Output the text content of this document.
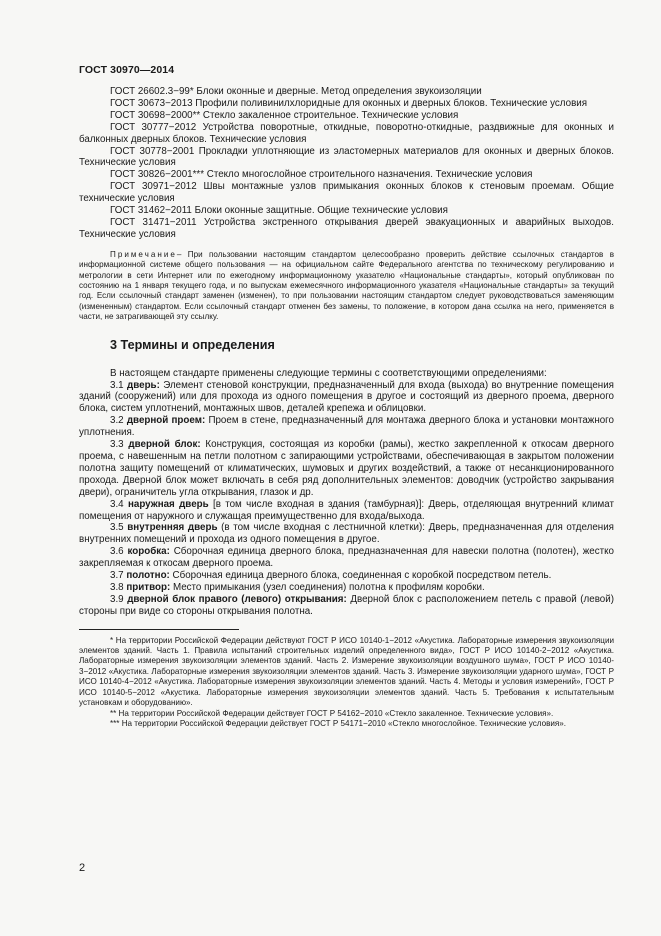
ГОСТ 30970—2014

ГОСТ 26602.3−99* Блоки оконные и дверные. Метод определения звукоизоляции

ГОСТ 30673−2013 Профили поливинилхлоридные для оконных и дверных блоков. Технические условия

ГОСТ 30698−2000** Стекло закаленное строительное. Технические условия

ГОСТ 30777−2012 Устройства поворотные, откидные, поворотно-откидные, раздвижные для оконных и балконных дверных блоков. Технические условия

ГОСТ 30778−2001 Прокладки уплотняющие из эластомерных материалов для оконных и дверных блоков. Технические условия

ГОСТ 30826−2001*** Стекло многослойное строительного назначения. Технические условия

ГОСТ 30971−2012 Швы монтажные узлов примыкания оконных блоков к стеновым проемам. Общие технические условия

ГОСТ 31462−2011 Блоки оконные защитные. Общие технические условия

ГОСТ 31471−2011 Устройства экстренного открывания дверей эвакуационных и аварийных выходов. Технические условия

Примечание– При пользовании настоящим стандартом целесообразно проверить действие ссылочных стандартов в информационной системе общего пользования — на официальном сайте Федерального агентства по техническому регулированию и метрологии в сети Интернет или по ежегодному информационному указателю «Национальные стандарты», который опубликован по состоянию на 1 января текущего года, и по выпускам ежемесячного информационного указателя «Национальные стандарты» за текущий год. Если ссылочный стандарт заменен (изменен), то при пользовании настоящим стандартом следует руководствоваться заменяющим (измененным) стандартом. Если ссылочный стандарт отменен без замены, то положение, в котором дана ссылка на него, применяется в части, не затрагивающей эту ссылку.

3 Термины и определения

В настоящем стандарте применены следующие термины с соответствующими определениями:

3.1 дверь: Элемент стеновой конструкции, предназначенный для входа (выхода) во внутренние помещения зданий (сооружений) или для прохода из одного помещения в другое и состоящий из дверного проема, дверного блока, систем уплотнений, монтажных швов, деталей крепежа и облицовки.

3.2 дверной проем: Проем в стене, предназначенный для монтажа дверного блока и установки монтажного уплотнения.

3.3 дверной блок: Конструкция, состоящая из коробки (рамы), жестко закрепленной к откосам дверного проема, с навешенным на петли полотном с запирающими устройствами, обеспечивающая в закрытом положении полотна защиту помещений от климатических, шумовых и других воздействий, а также от несанкционированного прохода. Дверной блок может включать в себя ряд дополнительных элементов: доводчик (устройство закрывания двери), ограничитель угла открывания, глазок и др.

3.4 наружная дверь [в том числе входная в здания (тамбурная)]: Дверь, отделяющая внутренний климат помещения от наружного и служащая преимущественно для входа/выхода.

3.5 внутренняя дверь (в том числе входная с лестничной клетки): Дверь, предназначенная для отделения внутренних помещений и прохода из одного помещения в другое.

3.6 коробка: Сборочная единица дверного блока, предназначенная для навески полотна (полотен), жестко закрепляемая к откосам дверного проема.

3.7 полотно: Сборочная единица дверного блока, соединенная с коробкой посредством петель.

3.8 притвор: Место примыкания (узел соединения) полотна к профилям коробки.

3.9 дверной блок правого (левого) открывания: Дверной блок с расположением петель с правой (левой) стороны при виде со стороны открывания полотна.

* На территории Российской Федерации действуют ГОСТ Р ИСО 10140-1−2012 «Акустика. Лабораторные измерения звукоизоляции элементов зданий. Часть 1. Правила испытаний строительных изделий определенного вида», ГОСТ Р ИСО 10140-2−2012 «Акустика. Лабораторные измерения звукоизоляции элементов зданий. Часть 2. Измерение звукоизоляции воздушного шума», ГОСТ Р ИСО 10140-3−2012 «Акустика. Лабораторные измерения звукоизоляции элементов зданий. Часть 3. Измерение звукоизоляции ударного шума», ГОСТ Р ИСО 10140-4−2012 «Акустика. Лабораторные измерения звукоизоляции элементов зданий. Часть 4. Методы и условия измерений», ГОСТ Р ИСО 10140-5−2012 «Акустика. Лабораторные измерения звукоизоляции элементов зданий. Часть 5. Требования к испытательным установкам и оборудованию».

** На территории Российской Федерации действует ГОСТ Р 54162−2010 «Стекло закаленное. Технические условия».

*** На территории Российской Федерации действует ГОСТ Р 54171−2010 «Стекло многослойное. Технические условия».

2
